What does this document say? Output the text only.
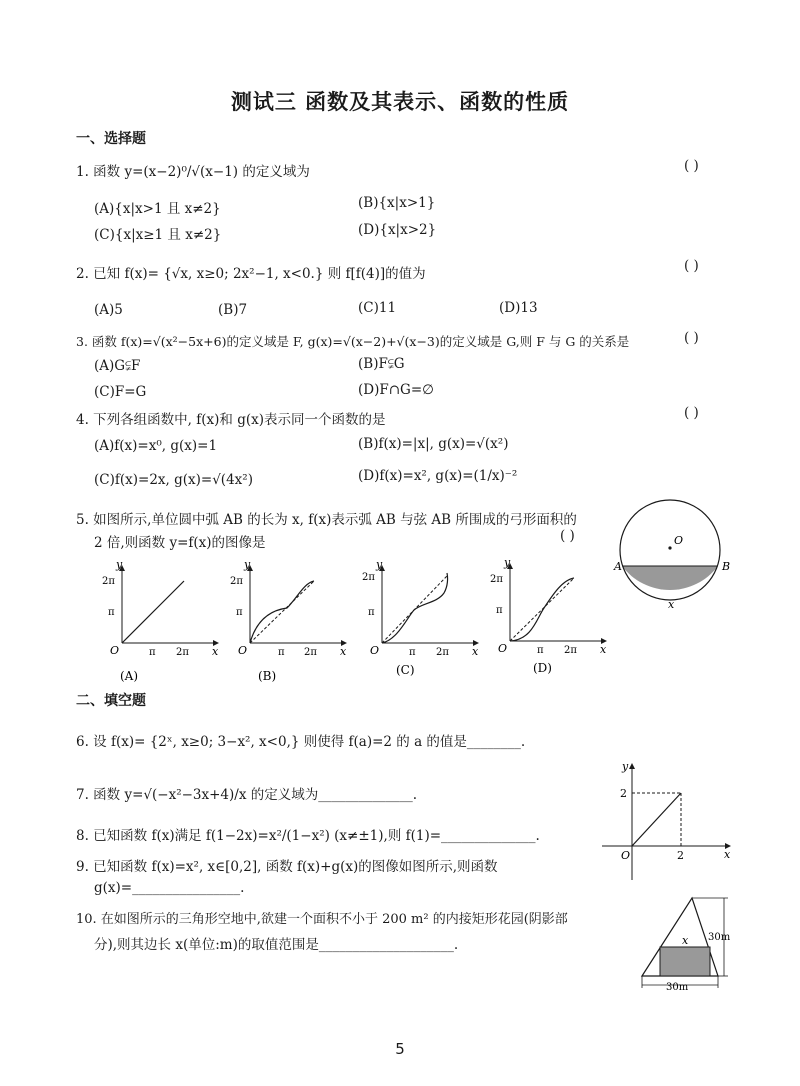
测试三 函数及其表示、函数的性质
一、选择题
1. 函数 y=(x−2)⁰/√(x−1) 的定义域为	( )
(A){x|x>1 且 x≠2}	(B){x|x>1}
(C){x|x≥1 且 x≠2}	(D){x|x>2}
2. 已知 f(x)= {√x, x≥0; 2x²−1, x<0.} 则 f[f(4)]的值为	( )
(A)5	(B)7	(C)11	(D)13
3. 函数 f(x)=√(x²−5x+6)的定义域是 F, g(x)=√(x−2)+√(x−3)的定义域是 G,则 F 与 G 的关系是	( )
(A)G⫋F	(B)F⫋G
(C)F=G	(D)F∩G=∅
4. 下列各组函数中, f(x)和 g(x)表示同一个函数的是	( )
(A)f(x)=x⁰, g(x)=1	(B)f(x)=|x|, g(x)=√(x²)
(C)f(x)=2x, g(x)=√(4x²)	(D)f(x)=x², g(x)=(1/x)⁻²
5. 如图所示,单位圆中弧 AB 的长为 x, f(x)表示弧 AB 与弦 AB 所围成的弓形面积的
2 倍,则函数 y=f(x)的图像是	( )
y
x
O
2π
π
π 2π
(A)
y
x
O
2π
π
π 2π
(B)
y
x
O
2π
π
π 2π
(C)
y
x
O
2π
π
π 2π
(D)
O
A	B
x
二、填空题
6. 设 f(x)= {2ˣ, x≥0; 3−x², x<0,} 则使得 f(a)=2 的 a 的值是________.
7. 函数 y=√(−x²−3x+4)/x 的定义域为______________.
8. 已知函数 f(x)满足 f(1−2x)=x²/(1−x²) (x≠±1),则 f(1)=______________.
9. 已知函数 f(x)=x², x∈[0,2], 函数 f(x)+g(x)的图像如图所示,则函数
g(x)=________________.
y
x
O
2
2
10. 在如图所示的三角形空地中,欲建一个面积不小于 200 m² 的内接矩形花园(阴影部
分),则其边长 x(单位:m)的取值范围是____________________.	x 30m
30m
5
